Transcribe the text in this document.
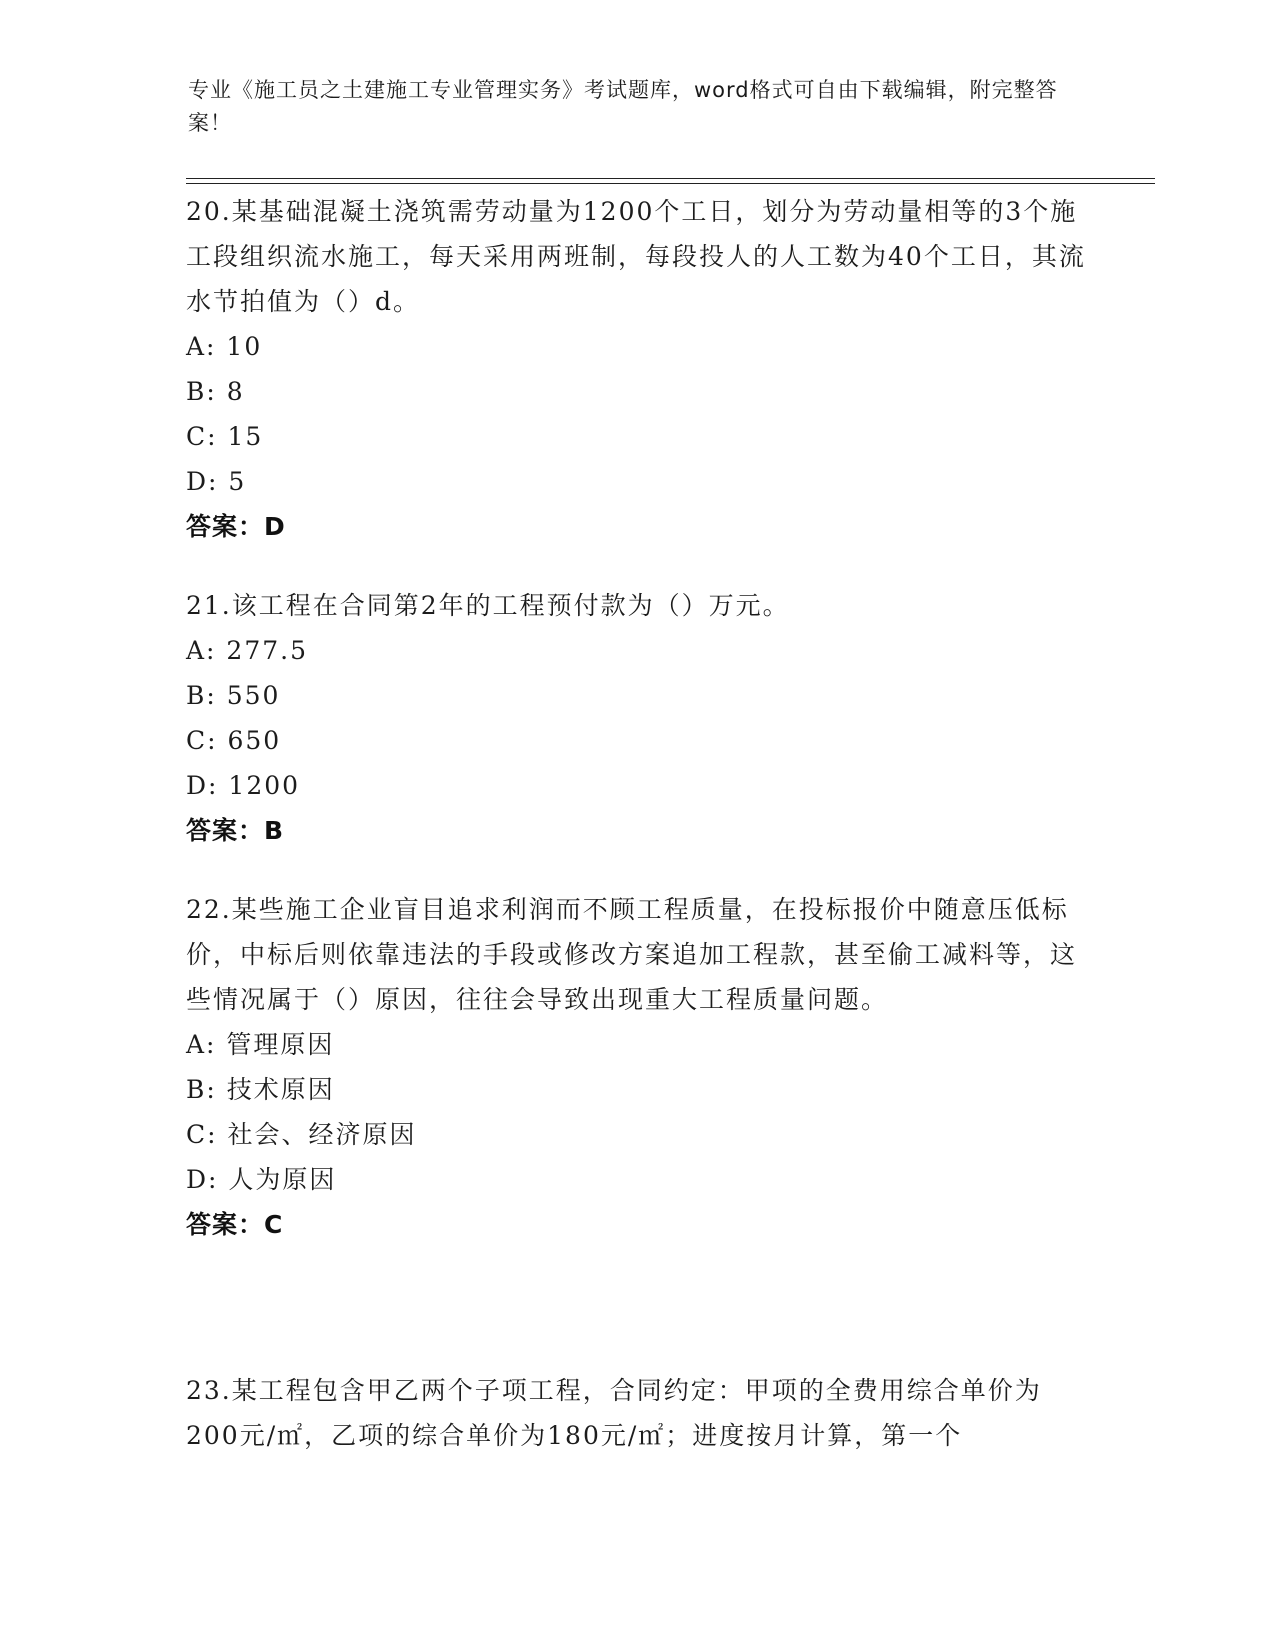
专业《施工员之土建施工专业管理实务》考试题库，word格式可自由下载编辑，附完整答案！
20.某基础混凝土浇筑需劳动量为1200个工日，划分为劳动量相等的3个施工段组织流水施工，每天采用两班制，每段投人的人工数为40个工日，其流水节拍值为（）d。
A: 10
B: 8
C: 15
D: 5
答案：D
21.该工程在合同第2年的工程预付款为（）万元。
A: 277.5
B: 550
C: 650
D: 1200
答案：B
22.某些施工企业盲目追求利润而不顾工程质量，在投标报价中随意压低标价，中标后则依靠违法的手段或修改方案追加工程款，甚至偷工减料等，这些情况属于（）原因，往往会导致出现重大工程质量问题。
A: 管理原因
B: 技术原因
C: 社会、经济原因
D: 人为原因
答案：C
23.某工程包含甲乙两个子项工程，合同约定：甲项的全费用综合单价为200元/㎡，乙项的综合单价为180元/㎡；进度按月计算，第一个
